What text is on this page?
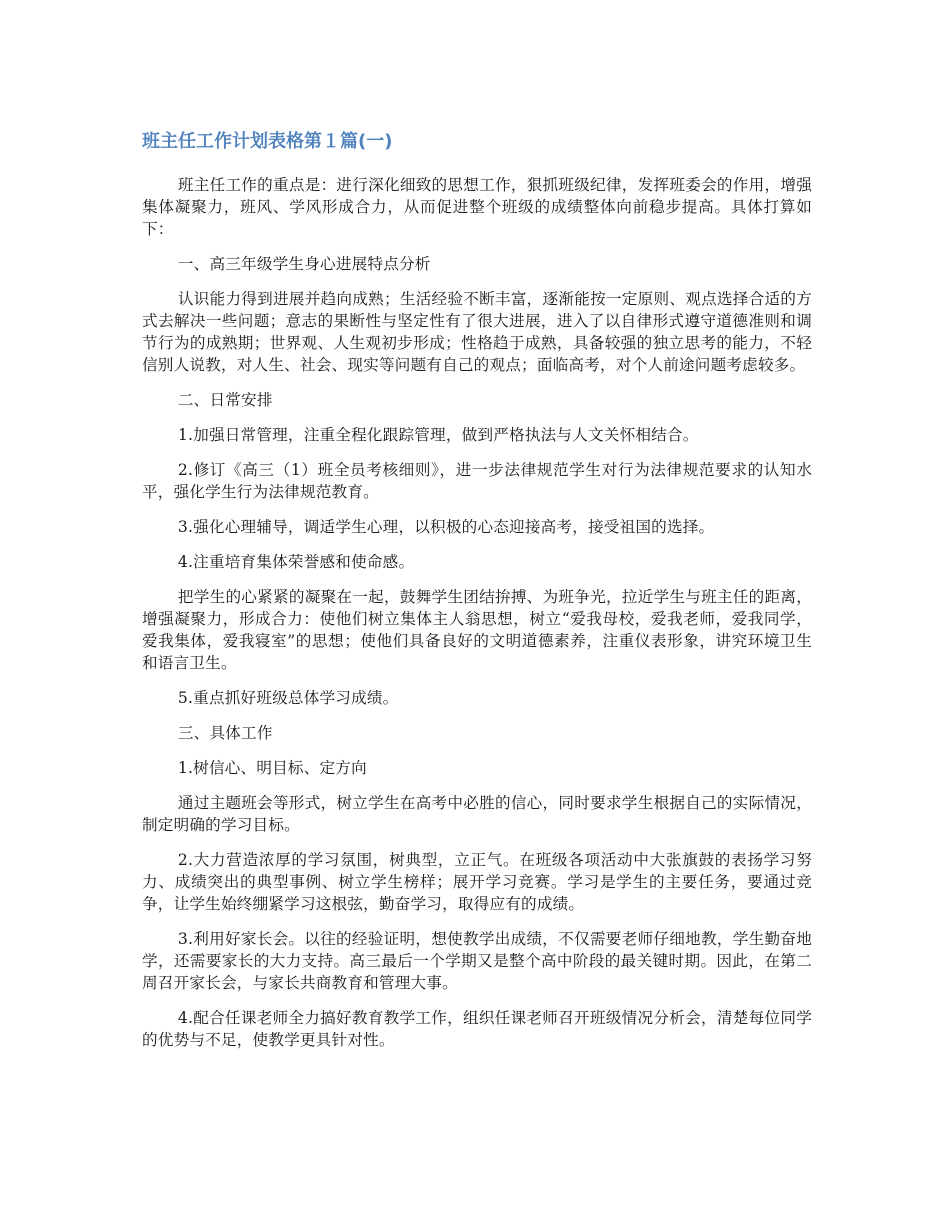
班主任工作计划表格第１篇(一)

班主任工作的重点是：进行深化细致的思想工作，狠抓班级纪律，发挥班委会的作用，增强集体凝聚力，班风、学风形成合力，从而促进整个班级的成绩整体向前稳步提高。具体打算如下：

一、高三年级学生身心进展特点分析

认识能力得到进展并趋向成熟；生活经验不断丰富，逐渐能按一定原则、观点选择合适的方式去解决一些问题；意志的果断性与坚定性有了很大进展，进入了以自律形式遵守道德准则和调节行为的成熟期；世界观、人生观初步形成；性格趋于成熟，具备较强的独立思考的能力，不轻信别人说教，对人生、社会、现实等问题有自己的观点；面临高考，对个人前途问题考虑较多。

二、日常安排

1.加强日常管理，注重全程化跟踪管理，做到严格执法与人文关怀相结合。

2.修订《高三（1）班全员考核细则》，进一步法律规范学生对行为法律规范要求的认知水平，强化学生行为法律规范教育。

3.强化心理辅导，调适学生心理，以积极的心态迎接高考，接受祖国的选择。

4.注重培育集体荣誉感和使命感。

把学生的心紧紧的凝聚在一起，鼓舞学生团结拚搏、为班争光，拉近学生与班主任的距离，增强凝聚力，形成合力：使他们树立集体主人翁思想，树立“爱我母校，爱我老师，爱我同学，爱我集体，爱我寝室”的思想；使他们具备良好的文明道德素养，注重仪表形象，讲究环境卫生和语言卫生。

5.重点抓好班级总体学习成绩。

三、具体工作

1.树信心、明目标、定方向

通过主题班会等形式，树立学生在高考中必胜的信心，同时要求学生根据自己的实际情况，制定明确的学习目标。

2.大力营造浓厚的学习氛围，树典型，立正气。在班级各项活动中大张旗鼓的表扬学习努力、成绩突出的典型事例、树立学生榜样；展开学习竞赛。学习是学生的主要任务，要通过竞争，让学生始终绷紧学习这根弦，勤奋学习，取得应有的成绩。

3.利用好家长会。以往的经验证明，想使教学出成绩，不仅需要老师仔细地教，学生勤奋地学，还需要家长的大力支持。高三最后一个学期又是整个高中阶段的最关键时期。因此，在第二周召开家长会，与家长共商教育和管理大事。

4.配合任课老师全力搞好教育教学工作，组织任课老师召开班级情况分析会，清楚每位同学的优势与不足，使教学更具针对性。
